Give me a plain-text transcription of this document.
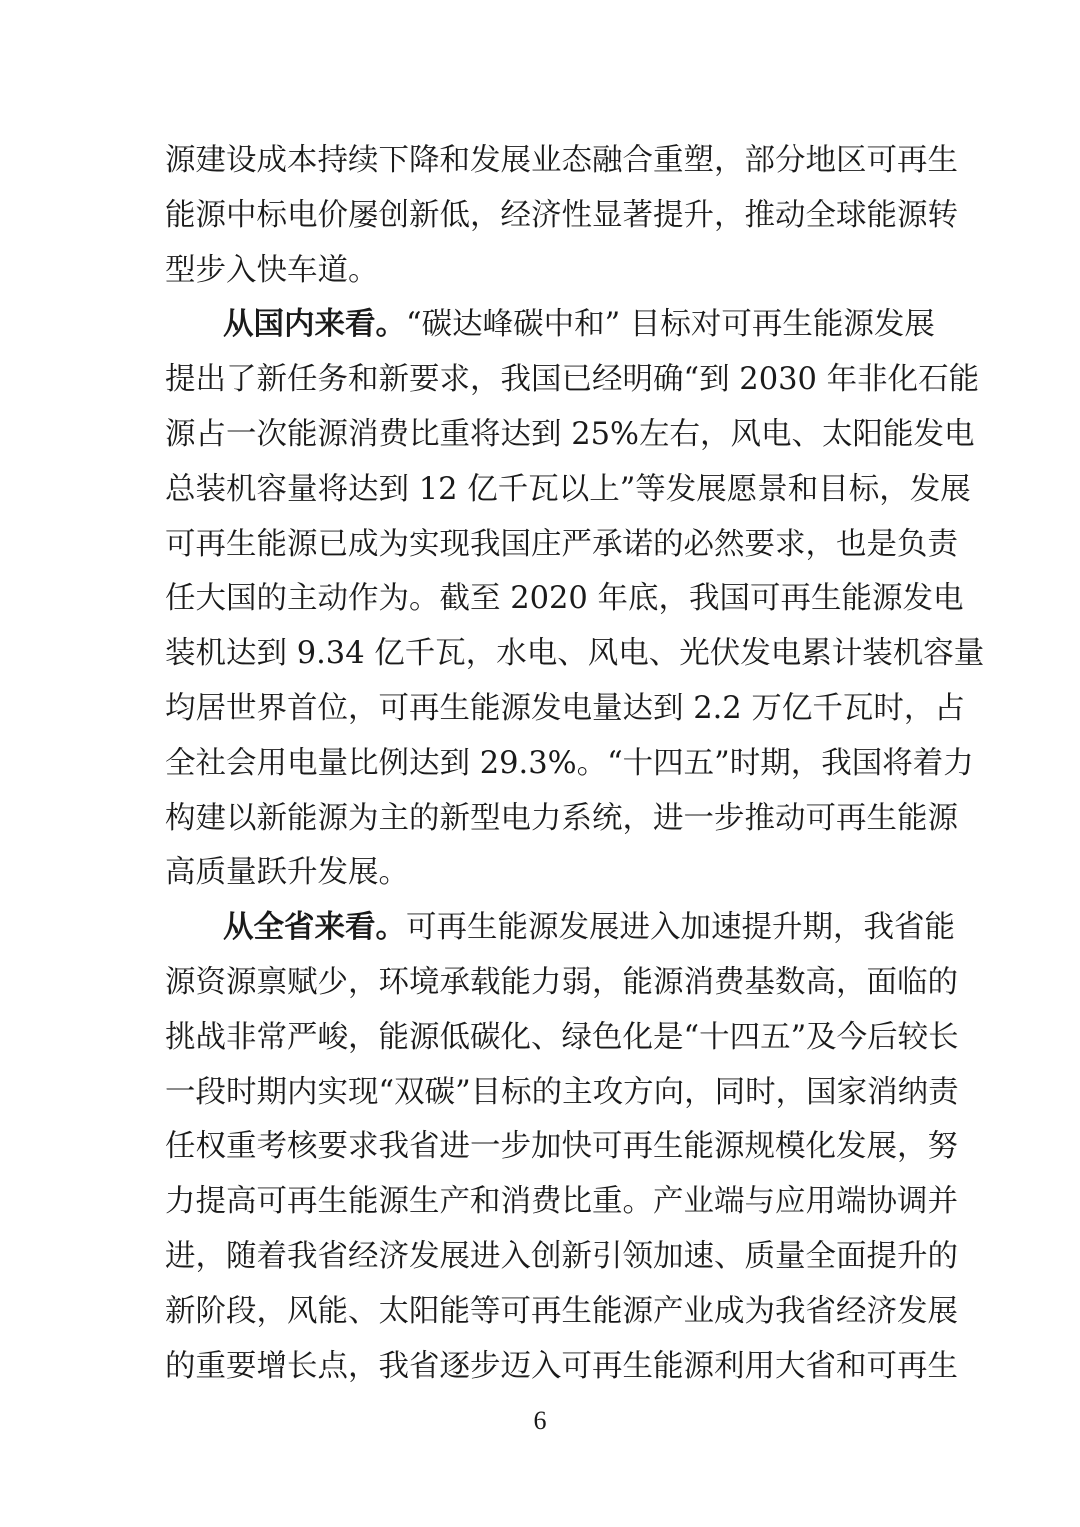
源建设成本持续下降和发展业态融合重塑，部分地区可再生
能源中标电价屡创新低，经济性显著提升，推动全球能源转
型步入快车道。
从国内来看。“碳达峰碳中和” 目标对可再生能源发展
提出了新任务和新要求，我国已经明确“到 2030 年非化石能
源占一次能源消费比重将达到 25%左右，风电、太阳能发电
总装机容量将达到 12 亿千瓦以上”等发展愿景和目标，发展
可再生能源已成为实现我国庄严承诺的必然要求，也是负责
任大国的主动作为。截至 2020 年底，我国可再生能源发电
装机达到 9.34 亿千瓦，水电、风电、光伏发电累计装机容量
均居世界首位，可再生能源发电量达到 2.2 万亿千瓦时，占
全社会用电量比例达到 29.3%。“十四五”时期，我国将着力
构建以新能源为主的新型电力系统，进一步推动可再生能源
高质量跃升发展。
从全省来看。可再生能源发展进入加速提升期，我省能
源资源禀赋少，环境承载能力弱，能源消费基数高，面临的
挑战非常严峻，能源低碳化、绿色化是“十四五”及今后较长
一段时期内实现“双碳”目标的主攻方向，同时，国家消纳责
任权重考核要求我省进一步加快可再生能源规模化发展，努
力提高可再生能源生产和消费比重。产业端与应用端协调并
进，随着我省经济发展进入创新引领加速、质量全面提升的
新阶段，风能、太阳能等可再生能源产业成为我省经济发展
的重要增长点，我省逐步迈入可再生能源利用大省和可再生
6
